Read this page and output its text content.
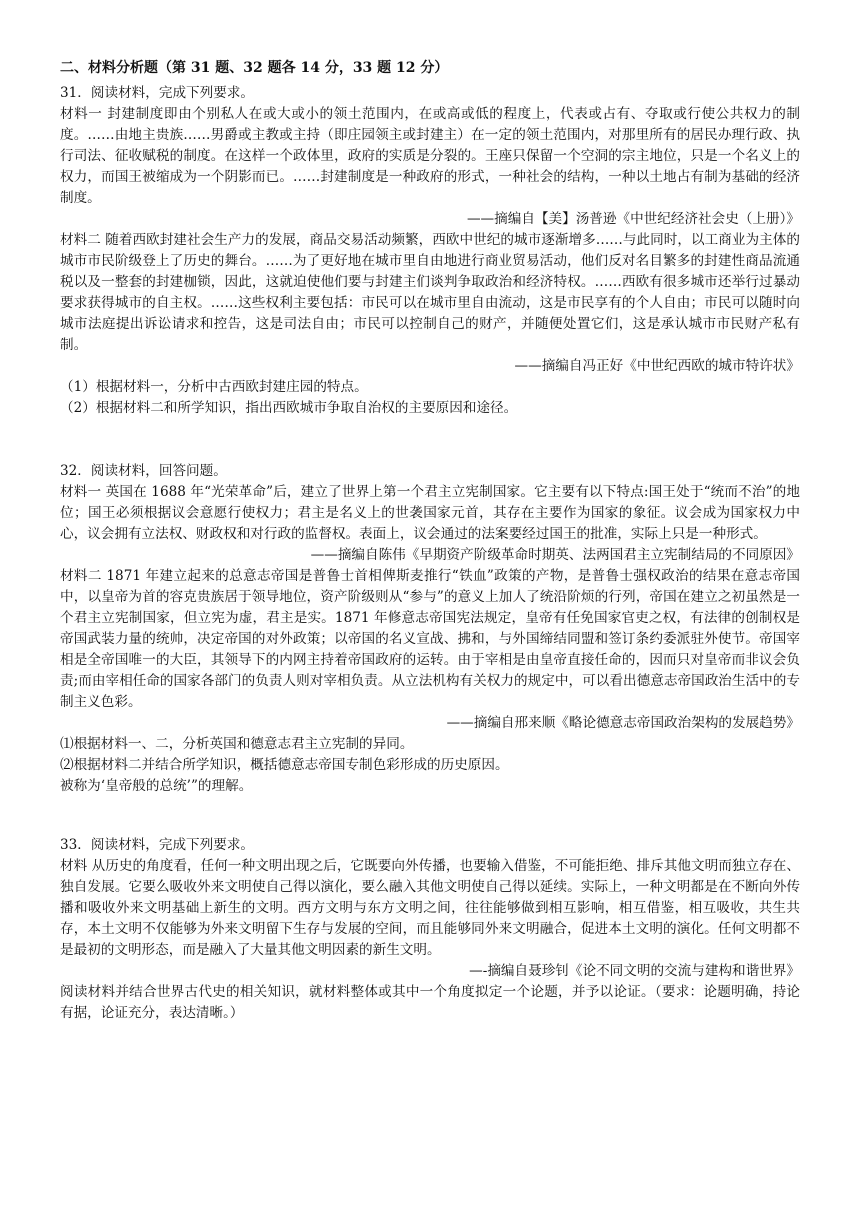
二、材料分析题（第 31 题、32 题各 14 分，33 题 12 分）

31．阅读材料，完成下列要求。

材料一 封建制度即由个别私人在或大或小的领土范围内，在或高或低的程度上，代表或占有、夺取或行使公共权力的制度。……由地主贵族……男爵或主教或主持（即庄园领主或封建主）在一定的领土范围内，对那里所有的居民办理行政、执行司法、征收赋税的制度。在这样一个政体里，政府的实质是分裂的。王座只保留一个空洞的宗主地位，只是一个名义上的权力，而国王被缩成为一个阴影而已。……封建制度是一种政府的形式，一种社会的结构，一种以土地占有制为基础的经济制度。

——摘编自【美】汤普逊《中世纪经济社会史（上册）》

材料二 随着西欧封建社会生产力的发展，商品交易活动频繁，西欧中世纪的城市逐渐增多……与此同时，以工商业为主体的城市市民阶级登上了历史的舞台。……为了更好地在城市里自由地进行商业贸易活动，他们反对名目繁多的封建性商品流通税以及一整套的封建枷锁，因此，这就迫使他们要与封建主们谈判争取政治和经济特权。……西欧有很多城市还举行过暴动要求获得城市的自主权。……这些权利主要包括：市民可以在城市里自由流动，这是市民享有的个人自由；市民可以随时向城市法庭提出诉讼请求和控告，这是司法自由；市民可以控制自己的财产，并随便处置它们，这是承认城市市民财产私有制。

——摘编自冯正好《中世纪西欧的城市特许状》

（1）根据材料一，分析中古西欧封建庄园的特点。

（2）根据材料二和所学知识，指出西欧城市争取自治权的主要原因和途径。

32．阅读材料，回答问题。

材料一 英国在 1688 年“光荣革命”后，建立了世界上第一个君主立宪制国家。它主要有以下特点:国王处于“统而不治”的地位；国王必须根据议会意愿行使权力；君主是名义上的世袭国家元首，其存在主要作为国家的象征。议会成为国家权力中心，议会拥有立法权、财政权和对行政的监督权。表面上，议会通过的法案要经过国王的批准，实际上只是一种形式。

——摘编自陈伟《早期资产阶级革命时期英、法两国君主立宪制结局的不同原因》

材料二 1871 年建立起来的总意志帝国是普鲁士首相俾斯麦推行“铁血”政策的产物，是普鲁士强权政治的结果在意志帝国中，以皇帝为首的容克贵族居于领导地位，资产阶级则从“参与”的意义上加人了统沿阶烦的行列，帝国在建立之初虽然是一个君主立宪制国家，但立宪为虚，君主是实。1871 年修意志帝国宪法规定，皇帝有任免国家官吏之权，有法律的创制权是帝国武装力量的统帅，决定帝国的对外政策；以帝国的名义宣战、拂和，与外国缔结同盟和签订条约委派驻外使节。帝国宰相是全帝国唯一的大臣，其领导下的内网主持着帝国政府的运转。由于宰相是由皇帝直接任命的，因而只对皇帝而非议会负责;而由宰相任命的国家各部门的负责人则对宰相负责。从立法机构有关权力的规定中，可以看出德意志帝国政治生活中的专制主义色彩。

——摘编自邢来顺《略论德意志帝国政治架构的发展趋势》

⑴根据材料一、二，分析英国和德意志君主立宪制的异同。

⑵根据材料二并结合所学知识，概括德意志帝国专制色彩形成的历史原因。

被称为‘皇帝般的总统’”的理解。

33．阅读材料，完成下列要求。

材料 从历史的角度看，任何一种文明出现之后，它既要向外传播，也要输入借鉴，不可能拒绝、排斥其他文明而独立存在、独自发展。它要么吸收外来文明使自己得以演化，要么融入其他文明使自己得以延续。实际上，一种文明都是在不断向外传播和吸收外来文明基础上新生的文明。西方文明与东方文明之间，往往能够做到相互影响，相互借鉴，相互吸收，共生共存，本土文明不仅能够为外来文明留下生存与发展的空间，而且能够同外来文明融合，促进本土文明的演化。任何文明都不是最初的文明形态，而是融入了大量其他文明因素的新生文明。

—-摘编自聂珍钊《论不同文明的交流与建构和谐世界》

阅读材料并结合世界古代史的相关知识，就材料整体或其中一个角度拟定一个论题，并予以论证。（要求：论题明确，持论有据，论证充分，表达清晰。）
